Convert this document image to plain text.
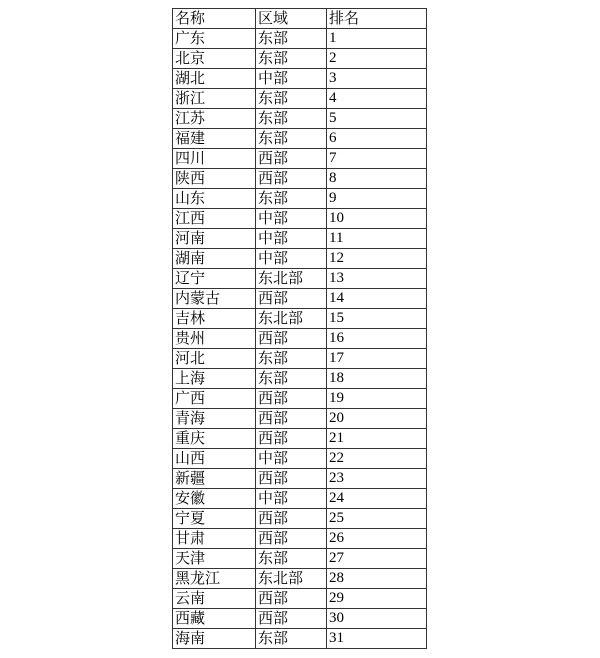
名称	区域	排名
广东	东部	1
北京	东部	2
湖北	中部	3
浙江	东部	4
江苏	东部	5
福建	东部	6
四川	西部	7
陕西	西部	8
山东	东部	9
江西	中部	10
河南	中部	11
湖南	中部	12
辽宁	东北部	13
内蒙古	西部	14
吉林	东北部	15
贵州	西部	16
河北	东部	17
上海	东部	18
广西	西部	19
青海	西部	20
重庆	西部	21
山西	中部	22
新疆	西部	23
安徽	中部	24
宁夏	西部	25
甘肃	西部	26
天津	东部	27
黑龙江	东北部	28
云南	西部	29
西藏	西部	30
海南	东部	31
